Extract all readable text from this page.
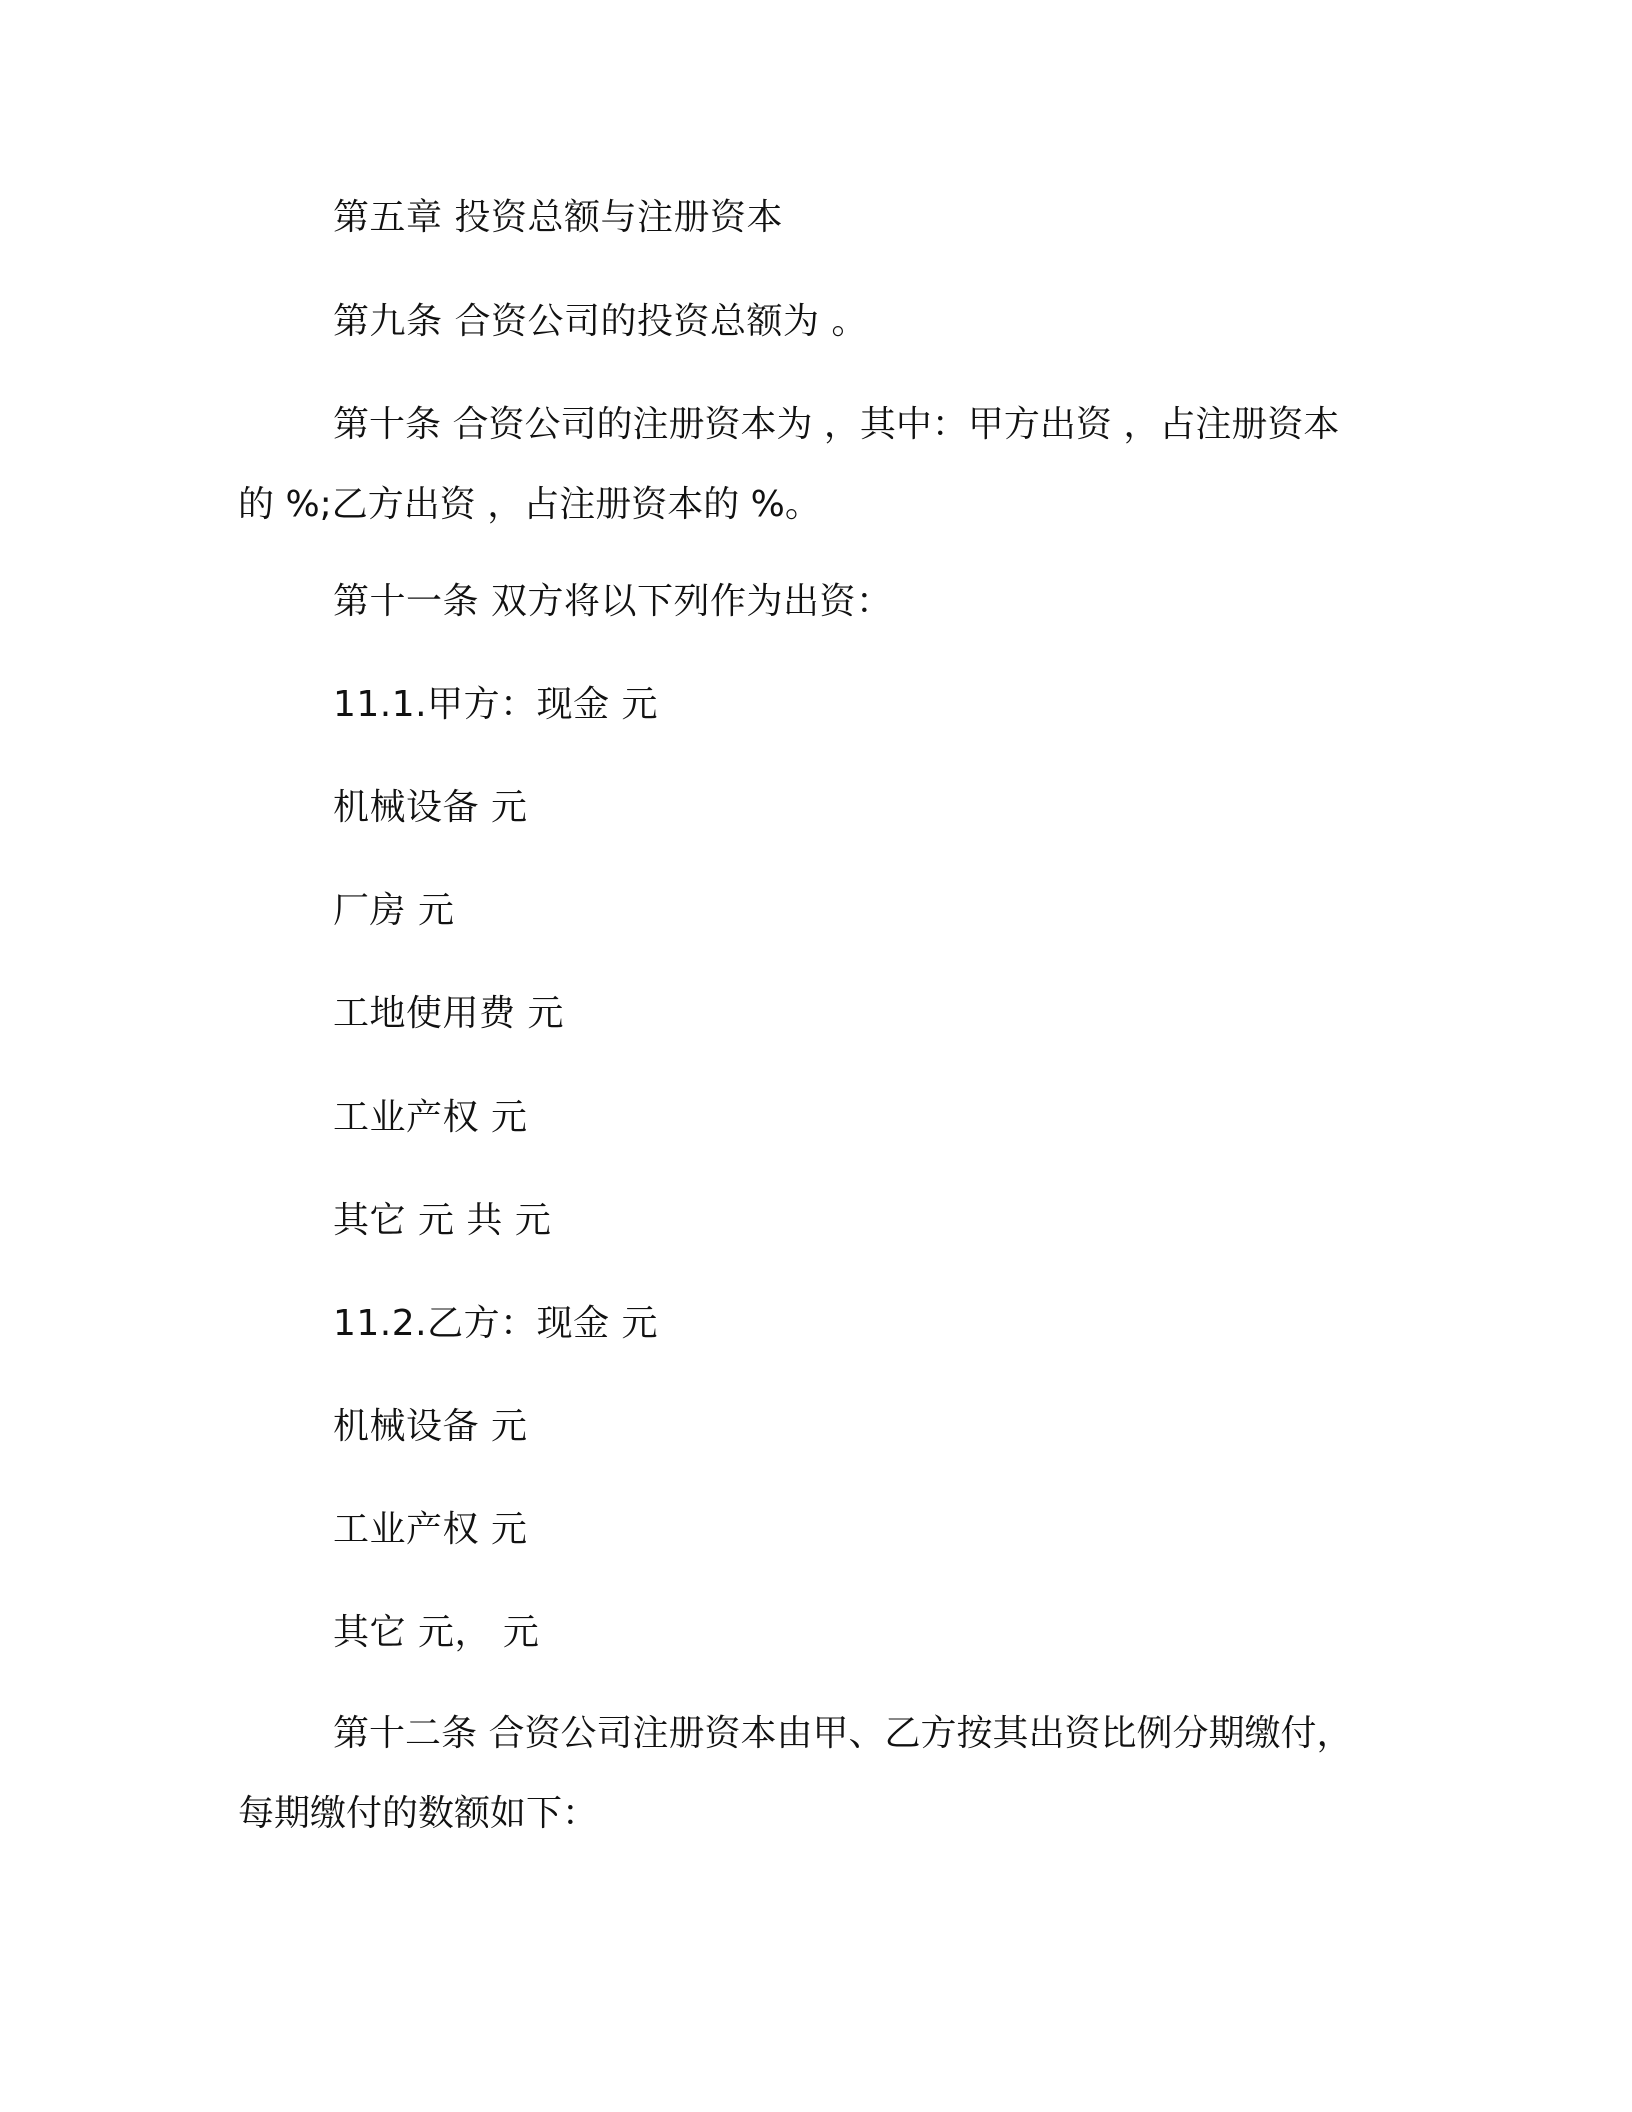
第五章 投资总额与注册资本
第九条 合资公司的投资总额为 。
第十条 合资公司的注册资本为 ，其中：甲方出资 ，占注册资本
的 %;乙方出资 ，占注册资本的 %。
第十一条 双方将以下列作为出资：
11.1.甲方：现金 元
机械设备 元
厂房 元
工地使用费 元
工业产权 元
其它 元 共 元
11.2.乙方：现金 元
机械设备 元
工业产权 元
其它 元， 元
第十二条 合资公司注册资本由甲、乙方按其出资比例分期缴付，
每期缴付的数额如下：
